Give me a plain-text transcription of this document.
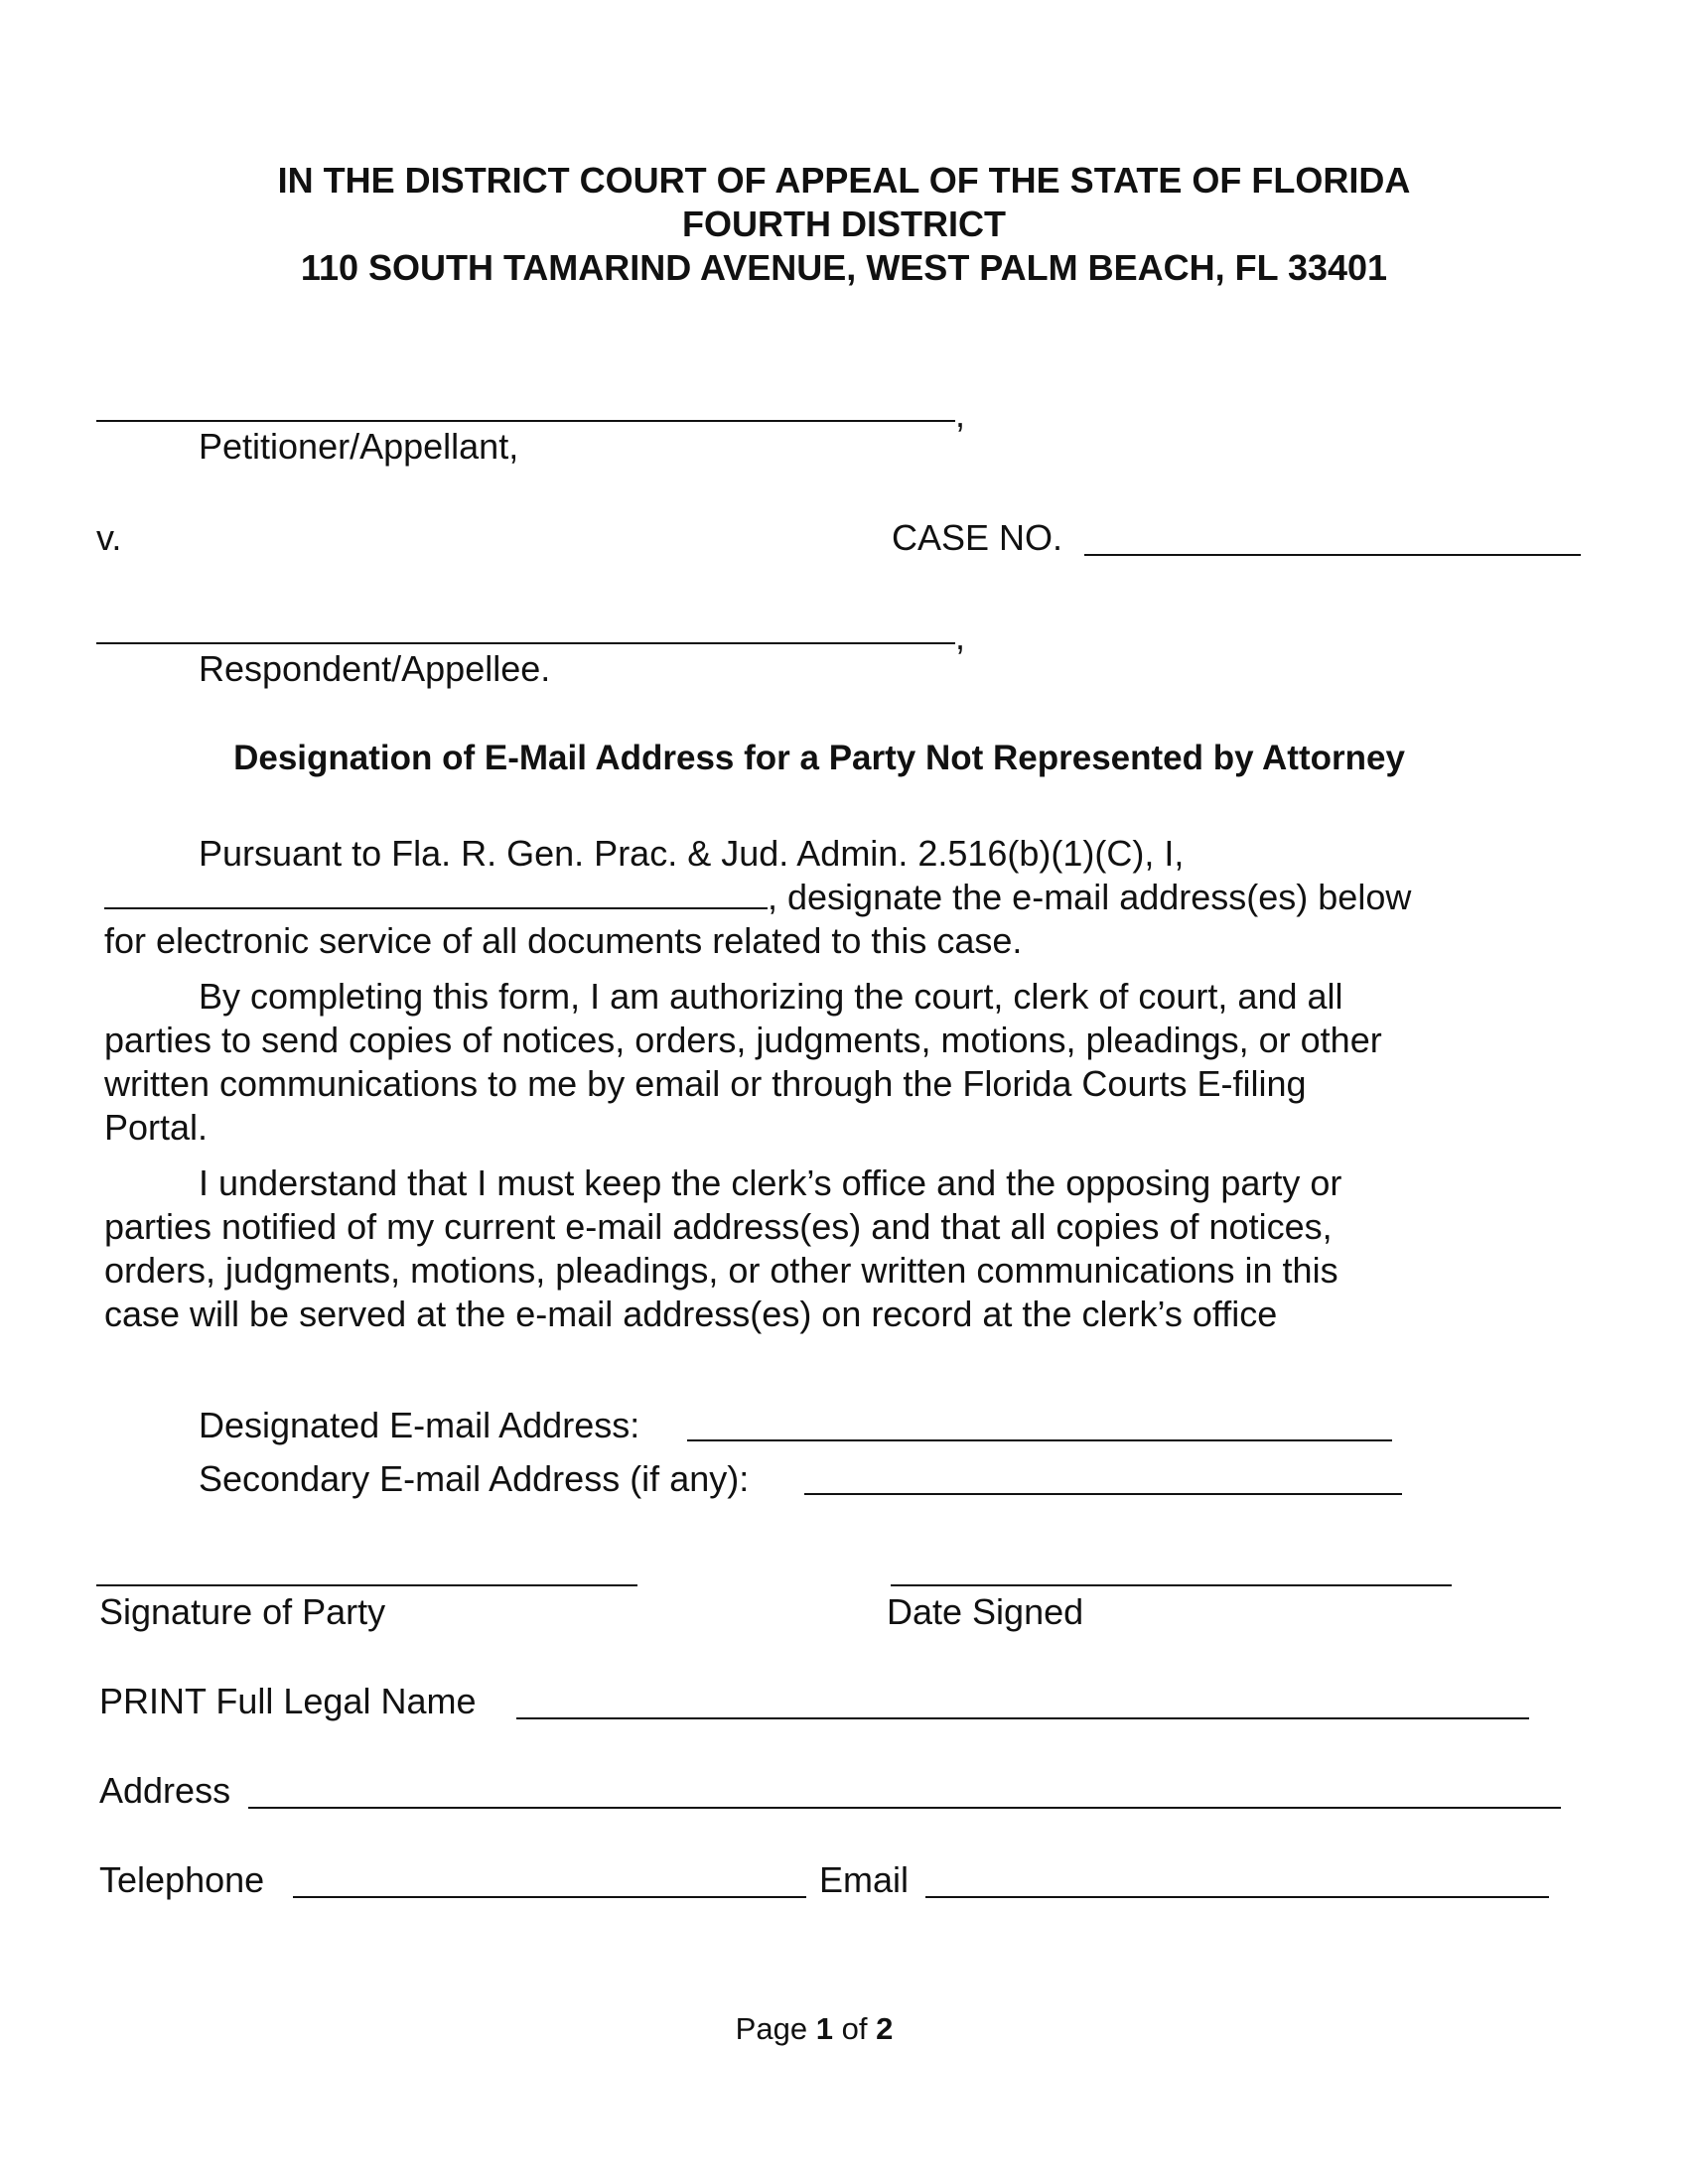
IN THE DISTRICT COURT OF APPEAL OF THE STATE OF FLORIDA
FOURTH DISTRICT
110 SOUTH TAMARIND AVENUE, WEST PALM BEACH, FL 33401
,
Petitioner/Appellant,
v.	CASE NO.
,
Respondent/Appellee.
Designation of E-Mail Address for a Party Not Represented by Attorney

Pursuant to Fla. R. Gen. Prac. & Jud. Admin. 2.516(b)(1)(C), I,

, designate the e-mail address(es) below

for electronic service of all documents related to this case.

By completing this form, I am authorizing the court, clerk of court, and all

parties to send copies of notices, orders, judgments, motions, pleadings, or other

written communications to me by email or through the Florida Courts E-filing

Portal.

I understand that I must keep the clerk’s office and the opposing party or

parties notified of my current e-mail address(es) and that all copies of notices,

orders, judgments, motions, pleadings, or other written communications in this

case will be served at the e-mail address(es) on record at the clerk’s office

Designated E-mail Address:
Secondary E-mail Address (if any):
Signature of Party	Date Signed
PRINT Full Legal Name
Address
Telephone	Email
Page 1 of 2
